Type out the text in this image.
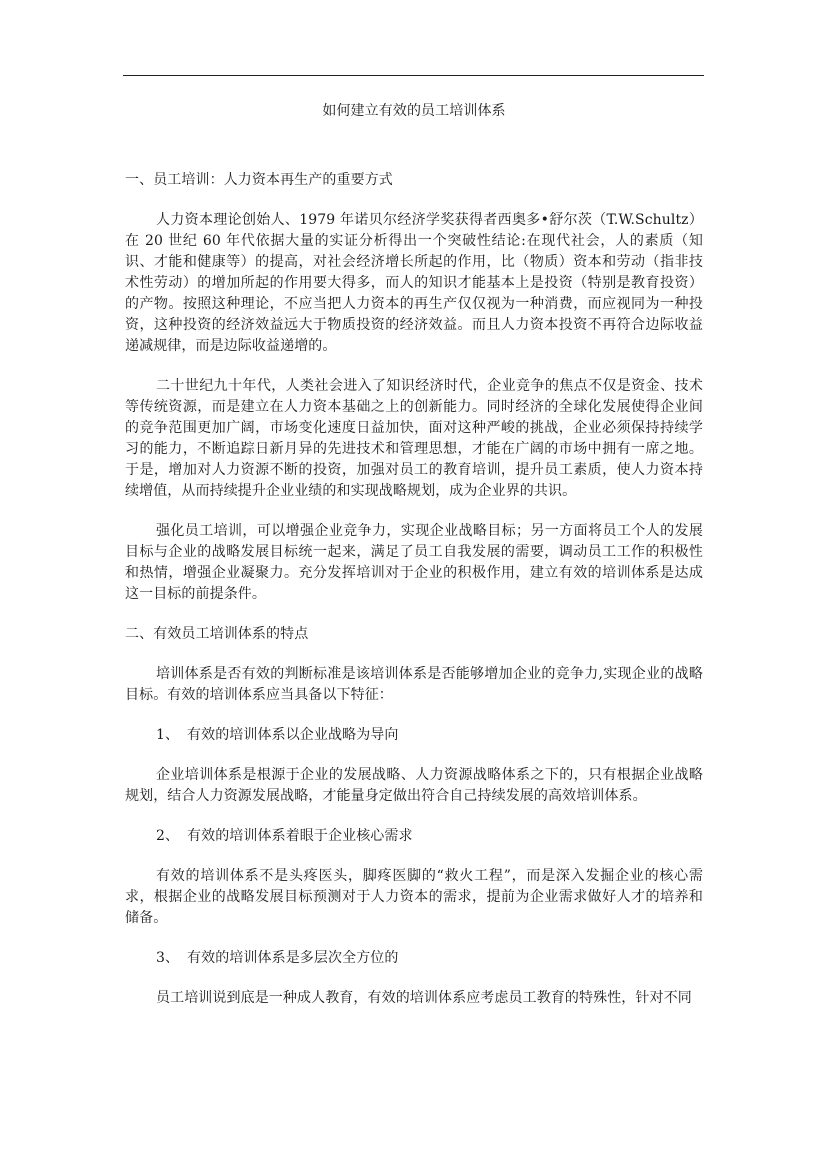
如何建立有效的员工培训体系
一、员工培训：人力资本再生产的重要方式

人力资本理论创始人、1979 年诺贝尔经济学奖获得者西奥多•舒尔茨（T.W.Schultz）在 20 世纪 60 年代依据大量的实证分析得出一个突破性结论:在现代社会，人的素质（知识、才能和健康等）的提高，对社会经济增长所起的作用，比（物质）资本和劳动（指非技术性劳动）的增加所起的作用要大得多，而人的知识才能基本上是投资（特别是教育投资）的产物。按照这种理论，不应当把人力资本的再生产仅仅视为一种消费，而应视同为一种投资，这种投资的经济效益远大于物质投资的经济效益。而且人力资本投资不再符合边际收益递减规律，而是边际收益递增的。

二十世纪九十年代，人类社会进入了知识经济时代，企业竞争的焦点不仅是资金、技术等传统资源，而是建立在人力资本基础之上的创新能力。同时经济的全球化发展使得企业间的竞争范围更加广阔，市场变化速度日益加快，面对这种严峻的挑战，企业必须保持持续学习的能力，不断追踪日新月异的先进技术和管理思想，才能在广阔的市场中拥有一席之地。于是，增加对人力资源不断的投资，加强对员工的教育培训，提升员工素质，使人力资本持续增值，从而持续提升企业业绩的和实现战略规划，成为企业界的共识。

强化员工培训，可以增强企业竞争力，实现企业战略目标；另一方面将员工个人的发展目标与企业的战略发展目标统一起来，满足了员工自我发展的需要，调动员工工作的积极性和热情，增强企业凝聚力。充分发挥培训对于企业的积极作用，建立有效的培训体系是达成这一目标的前提条件。

二、有效员工培训体系的特点

培训体系是否有效的判断标准是该培训体系是否能够增加企业的竞争力,实现企业的战略目标。有效的培训体系应当具备以下特征：

1、 有效的培训体系以企业战略为导向

企业培训体系是根源于企业的发展战略、人力资源战略体系之下的，只有根据企业战略规划，结合人力资源发展战略，才能量身定做出符合自己持续发展的高效培训体系。

2、 有效的培训体系着眼于企业核心需求

有效的培训体系不是头疼医头，脚疼医脚的“救火工程”，而是深入发掘企业的核心需求，根据企业的战略发展目标预测对于人力资本的需求，提前为企业需求做好人才的培养和储备。

3、 有效的培训体系是多层次全方位的

员工培训说到底是一种成人教育，有效的培训体系应考虑员工教育的特殊性，针对不同
